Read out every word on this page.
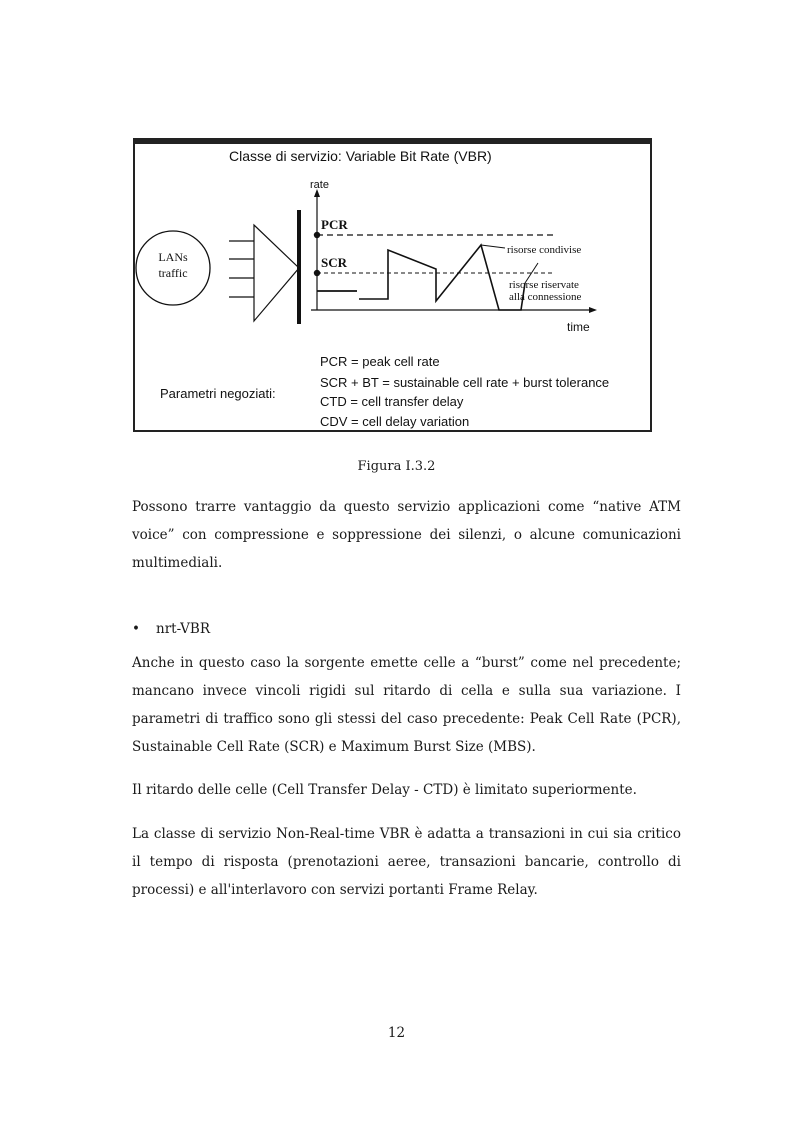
Classe di servizio: Variable Bit Rate (VBR)
LANs
traffic
rate
time
PCR
SCR
risorse condivise
risorse riservate
alla connessione
Parametri negoziati:
PCR = peak cell rate
SCR + BT = sustainable cell rate + burst tolerance
CTD = cell transfer delay
CDV = cell delay variation
Figura I.3.2

Possono trarre vantaggio da questo servizio applicazioni come “native ATM voice” con compressione e soppressione dei silenzi, o alcune comunicazioni multimediali.

• nrt-VBR

Anche in questo caso la sorgente emette celle a “burst” come nel precedente; mancano invece vincoli rigidi sul ritardo di cella e sulla sua variazione. I parametri di traffico sono gli stessi del caso precedente: Peak Cell Rate (PCR), Sustainable Cell Rate (SCR) e Maximum Burst Size (MBS).

Il ritardo delle celle (Cell Transfer Delay - CTD) è limitato superiormente.

La classe di servizio Non-Real-time VBR è adatta a transazioni in cui sia critico il tempo di risposta (prenotazioni aeree, transazioni bancarie, controllo di processi) e all'interlavoro con servizi portanti Frame Relay.

12
